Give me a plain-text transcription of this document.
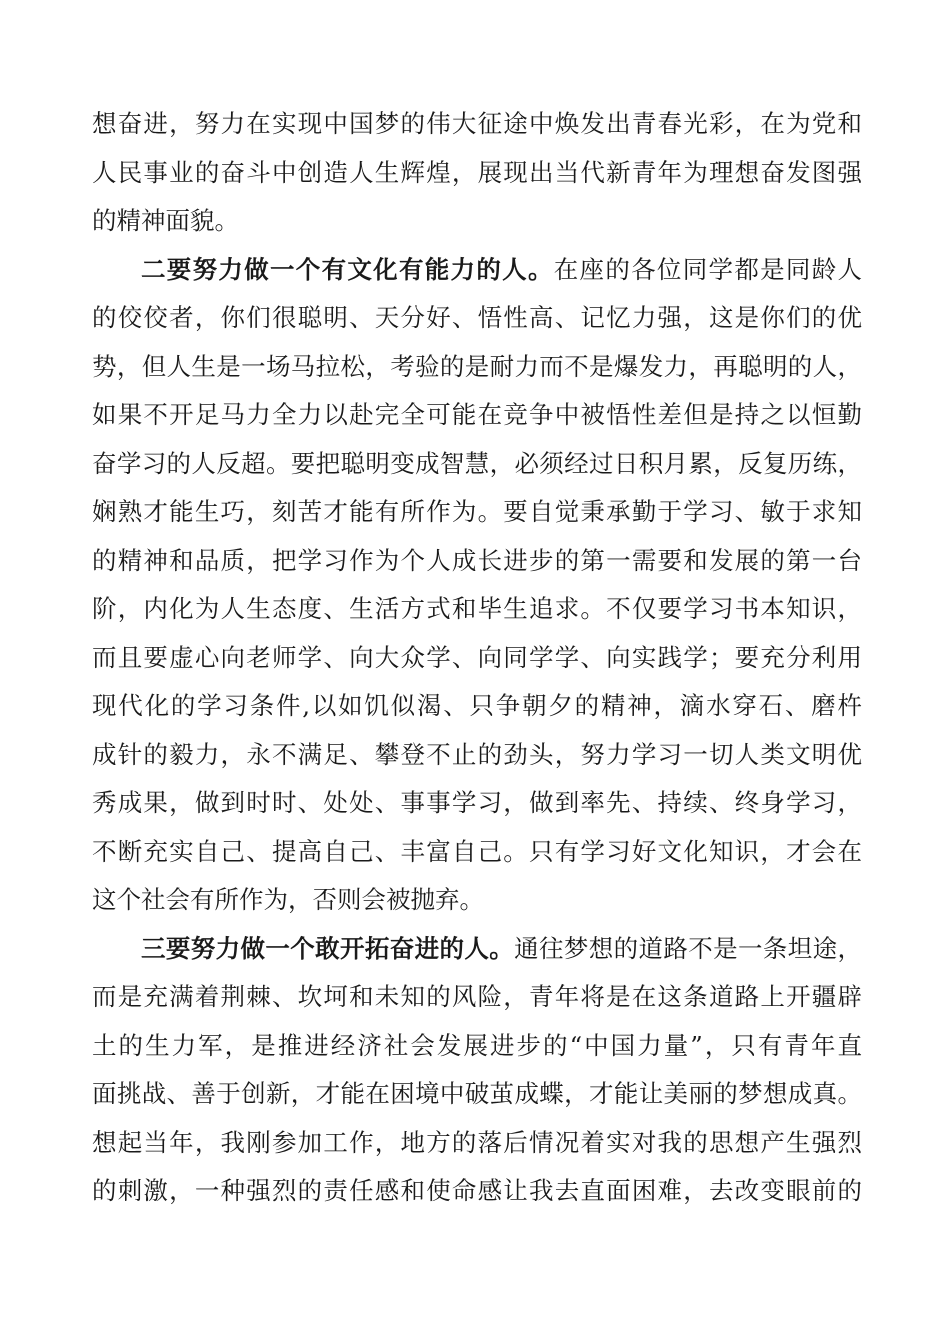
想奋进，努力在实现中国梦的伟大征途中焕发出青春光彩，在为党和
人民事业的奋斗中创造人生辉煌，展现出当代新青年为理想奋发图强
的精神面貌。
二要努力做一个有文化有能力的人。在座的各位同学都是同龄人
的佼佼者，你们很聪明、天分好、悟性高、记忆力强，这是你们的优
势，但人生是一场马拉松，考验的是耐力而不是爆发力，再聪明的人，
如果不开足马力全力以赴完全可能在竞争中被悟性差但是持之以恒勤
奋学习的人反超。要把聪明变成智慧，必须经过日积月累，反复历练，
娴熟才能生巧，刻苦才能有所作为。要自觉秉承勤于学习、敏于求知
的精神和品质，把学习作为个人成长进步的第一需要和发展的第一台
阶，内化为人生态度、生活方式和毕生追求。不仅要学习书本知识，
而且要虚心向老师学、向大众学、向同学学、向实践学；要充分利用
现代化的学习条件,以如饥似渴、只争朝夕的精神，滴水穿石、磨杵
成针的毅力，永不满足、攀登不止的劲头，努力学习一切人类文明优
秀成果，做到时时、处处、事事学习，做到率先、持续、终身学习，
不断充实自己、提高自己、丰富自己。只有学习好文化知识，才会在
这个社会有所作为，否则会被抛弃。
三要努力做一个敢开拓奋进的人。通往梦想的道路不是一条坦途，
而是充满着荆棘、坎坷和未知的风险，青年将是在这条道路上开疆辟
土的生力军，是推进经济社会发展进步的“中国力量”，只有青年直
面挑战、善于创新，才能在困境中破茧成蝶，才能让美丽的梦想成真。
想起当年，我刚参加工作，地方的落后情况着实对我的思想产生强烈
的刺激，一种强烈的责任感和使命感让我去直面困难，去改变眼前的
